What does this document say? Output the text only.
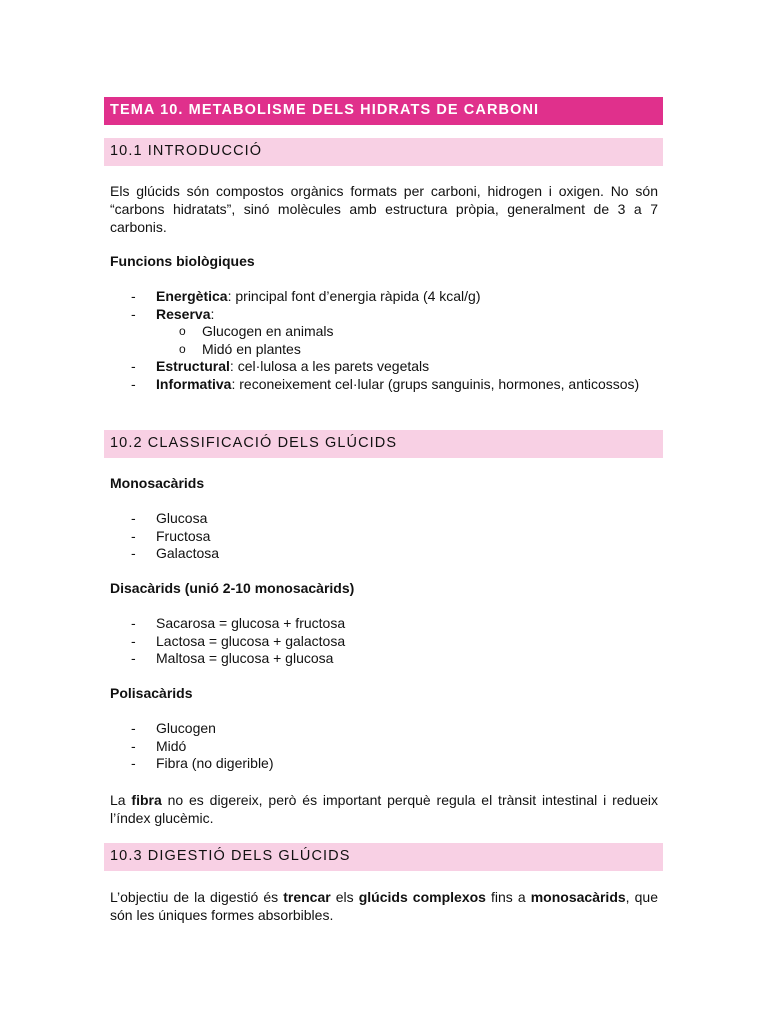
TEMA 10. METABOLISME DELS HIDRATS DE CARBONI
10.1 INTRODUCCIÓ

Els glúcids són compostos orgànics formats per carboni, hidrogen i oxigen. No són “carbons hidratats”, sinó molècules amb estructura pròpia, generalment de 3 a 7 carbonis.

Funcions biològiques

- Energètica: principal font d’energia ràpida (4 kcal/g)
- Reserva:
o Glucogen en animals
o Midó en plantes
- Estructural: cel·lulosa a les parets vegetals
- Informativa: reconeixement cel·lular (grups sanguinis, hormones, anticossos)
10.2 CLASSIFICACIÓ DELS GLÚCIDS

Monosacàrids

- Glucosa
- Fructosa
- Galactosa

Disacàrids (unió 2-10 monosacàrids)

- Sacarosa = glucosa + fructosa
- Lactosa = glucosa + galactosa
- Maltosa = glucosa + glucosa

Polisacàrids

- Glucogen
- Midó
- Fibra (no digerible)

La fibra no es digereix, però és important perquè regula el trànsit intestinal i redueix l’índex glucèmic.

10.3 DIGESTIÓ DELS GLÚCIDS

L’objectiu de la digestió és trencar els glúcids complexos fins a monosacàrids, que són les úniques formes absorbibles.
